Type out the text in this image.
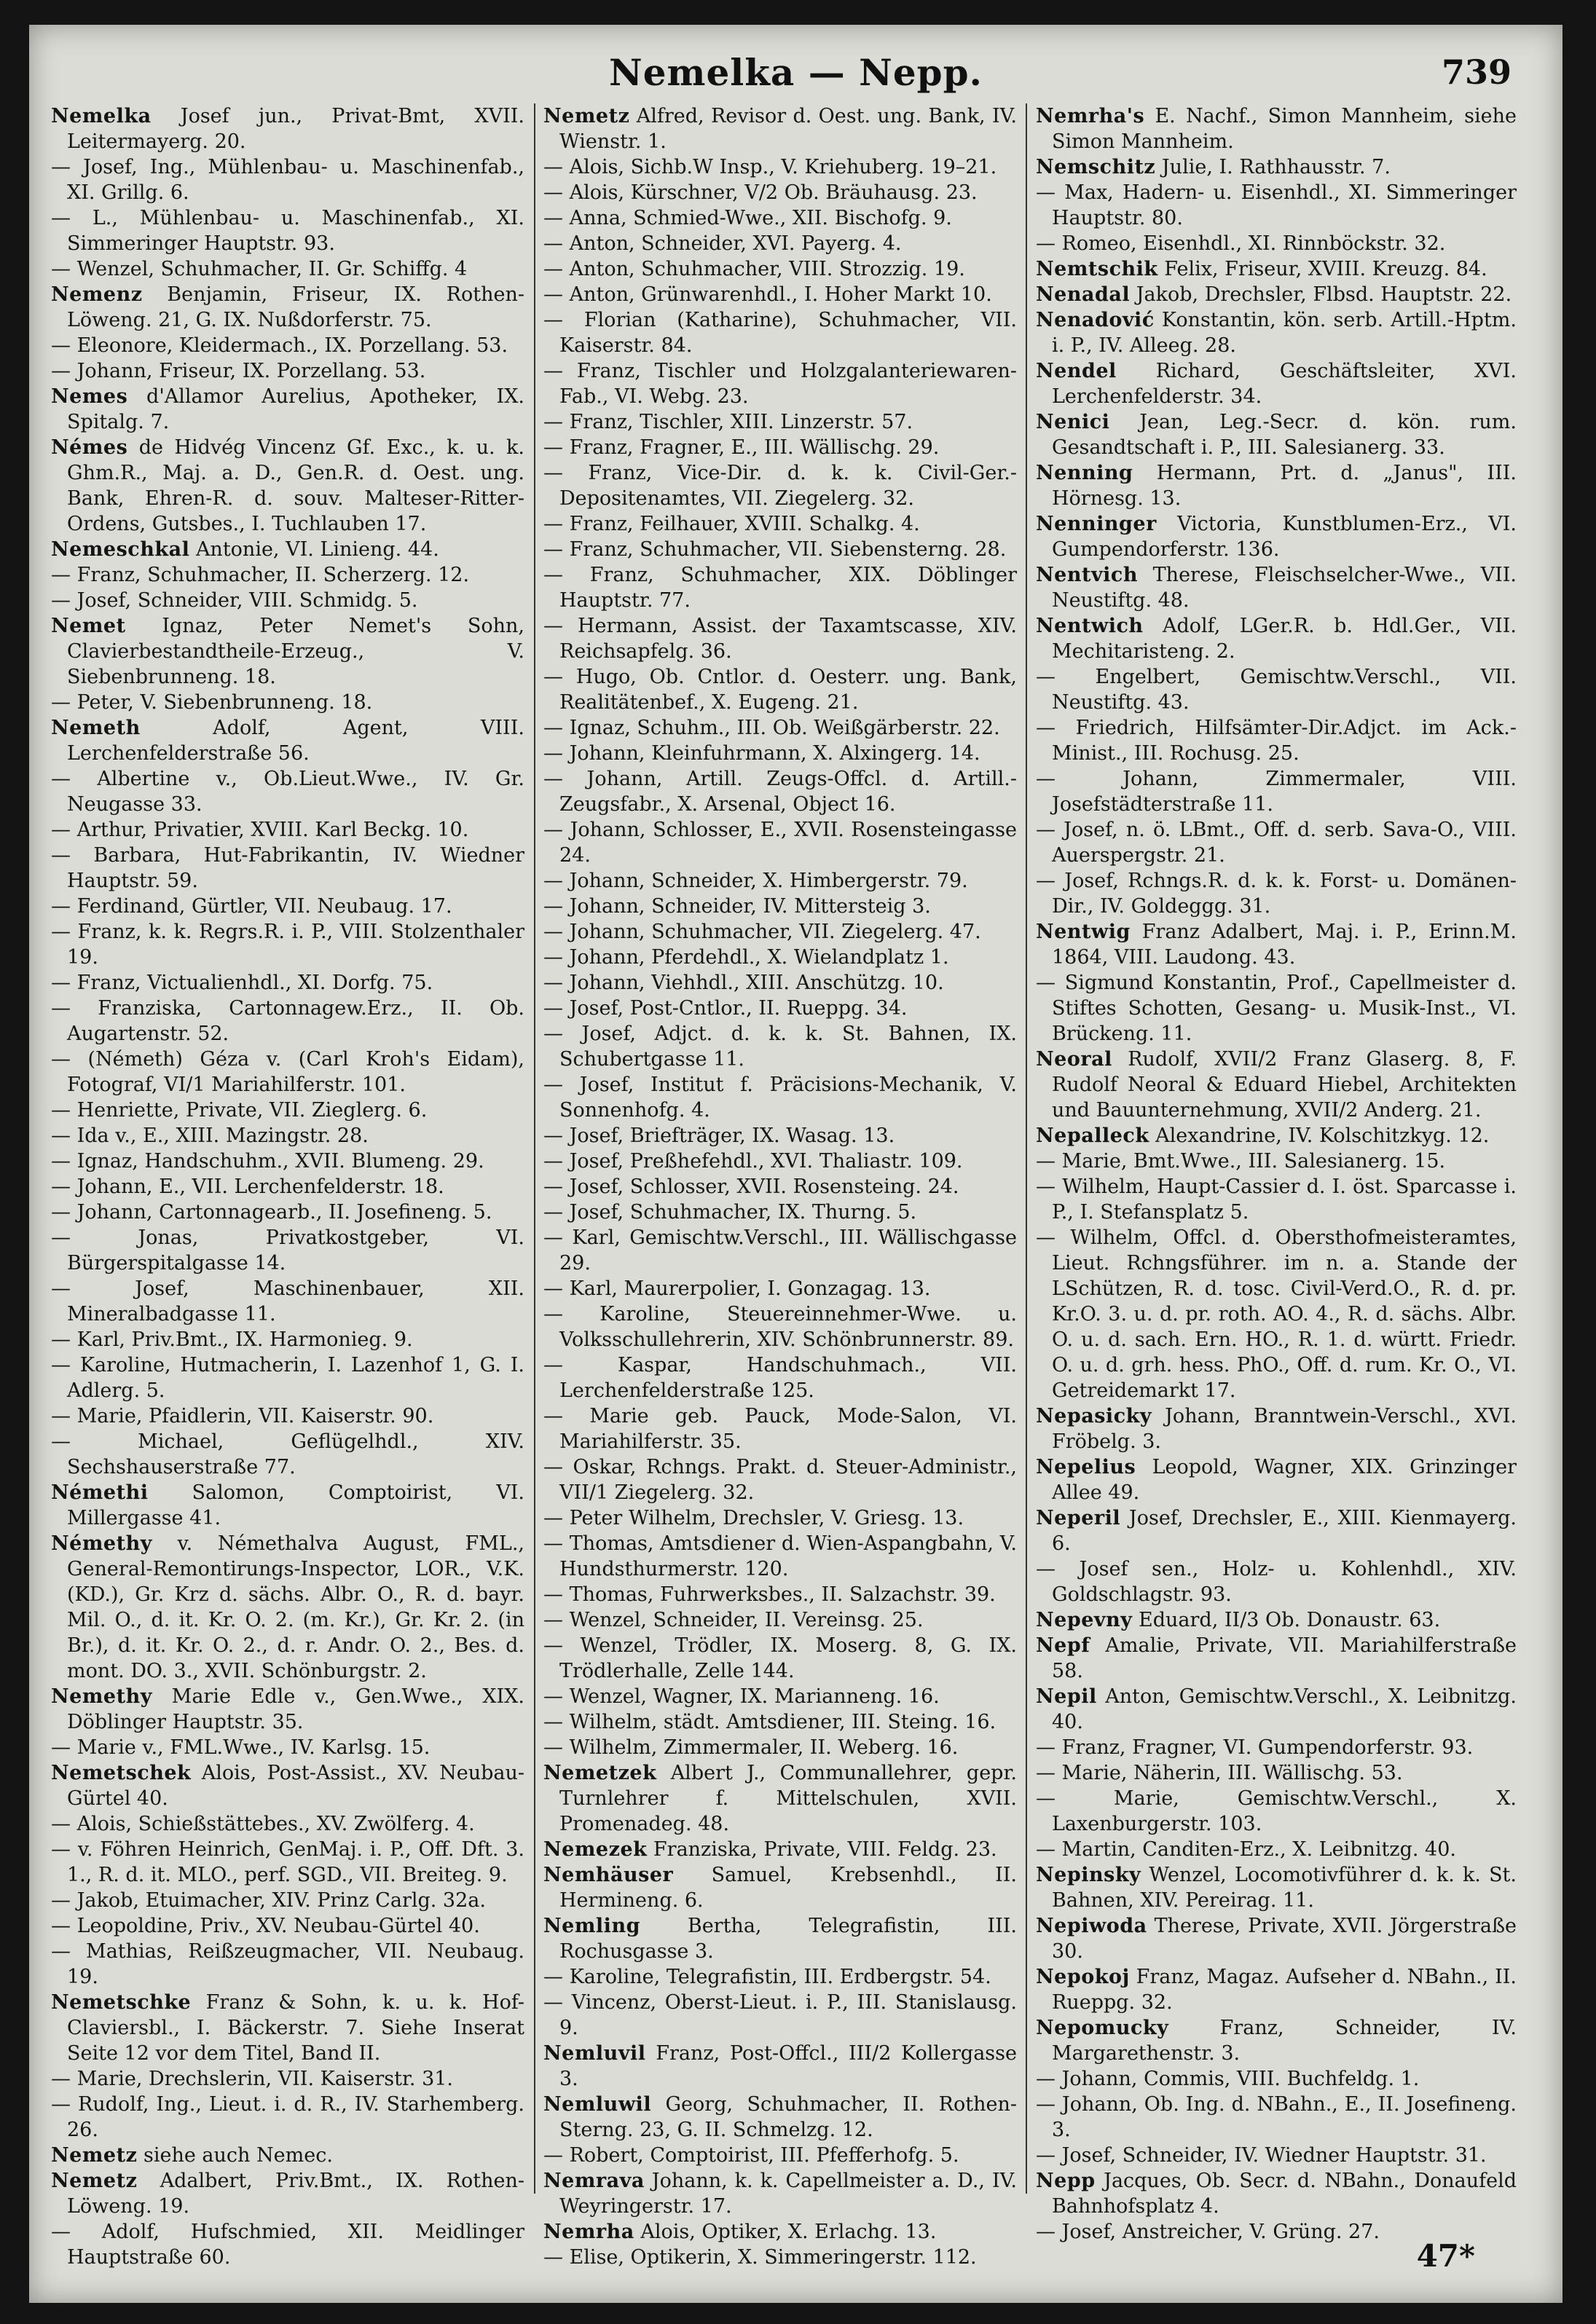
Nemelka — Nepp.	739

Nemelka Josef jun., Privat-Bmt, XVII. Leitermayerg. 20.

— Josef, Ing., Mühlenbau- u. Maschinenfab., XI. Grillg. 6.

— L., Mühlenbau- u. Maschinenfab., XI. Simmeringer Hauptstr. 93.

— Wenzel, Schuhmacher, II. Gr. Schiffg. 4

Nemenz Benjamin, Friseur, IX. Rothen-Löweng. 21, G. IX. Nußdorferstr. 75.

— Eleonore, Kleidermach., IX. Porzellang. 53.

— Johann, Friseur, IX. Porzellang. 53.

Nemes d'Allamor Aurelius, Apotheker, IX. Spitalg. 7.

Némes de Hidvég Vincenz Gf. Exc., k. u. k. Ghm.R., Maj. a. D., Gen.R. d. Oest. ung. Bank, Ehren-R. d. souv. Malteser-Ritter-Ordens, Gutsbes., I. Tuchlauben 17.

Nemeschkal Antonie, VI. Linieng. 44.

— Franz, Schuhmacher, II. Scherzerg. 12.

— Josef, Schneider, VIII. Schmidg. 5.

Nemet Ignaz, Peter Nemet's Sohn, Clavierbestandtheile-Erzeug., V. Siebenbrunneng. 18.

— Peter, V. Siebenbrunneng. 18.

Nemeth	Adolf, Agent, VIII. Lerchenfelderstraße 56.

— Albertine v., Ob.Lieut.Wwe., IV. Gr. Neugasse 33.

— Arthur, Privatier, XVIII. Karl Beckg. 10.

— Barbara, Hut-Fabrikantin, IV. Wiedner Hauptstr. 59.

— Ferdinand, Gürtler, VII. Neubaug. 17.

— Franz, k. k. Regrs.R. i. P., VIII. Stolzenthaler 19.

— Franz, Victualienhdl., XI. Dorfg. 75.

— Franziska, Cartonnagew.Erz., II. Ob. Augartenstr. 52.

— (Németh) Géza v. (Carl Kroh's Eidam), Fotograf, VI/1 Mariahilferstr. 101.

— Henriette, Private, VII. Zieglerg. 6.

— Ida v., E., XIII. Mazingstr. 28.

— Ignaz, Handschuhm., XVII. Blumeng. 29.

— Johann, E., VII. Lerchenfelderstr. 18.

— Johann, Cartonnagearb., II. Josefineng. 5.

— Jonas, Privatkostgeber, VI. Bürgerspitalgasse 14.

— Josef, Maschinenbauer, XII. Mineralbadgasse 11.

— Karl, Priv.Bmt., IX. Harmonieg. 9.

— Karoline, Hutmacherin, I. Lazenhof 1, G. I. Adlerg. 5.

— Marie, Pfaidlerin, VII. Kaiserstr. 90.

— Michael, Geflügelhdl., XIV. Sechshauserstraße 77.

Némethi Salomon, Comptoirist, VI. Millergasse 41.

Némethy v. Némethalva August, FML., General-Remontirungs-Inspector, LOR., V.K.(KD.), Gr. Krz d. sächs. Albr. O., R. d. bayr. Mil. O., d. it. Kr. O. 2. (m. Kr.), Gr. Kr. 2. (in Br.), d. it. Kr. O. 2., d. r. Andr. O. 2., Bes. d. mont. DO. 3., XVII. Schönburgstr. 2.

Nemethy Marie Edle v., Gen.Wwe., XIX. Döblinger Hauptstr. 35.

— Marie v., FML.Wwe., IV. Karlsg. 15.

Nemetschek Alois, Post-Assist., XV. Neubau-Gürtel 40.

— Alois, Schießstättebes., XV. Zwölferg. 4.

— v. Föhren Heinrich, GenMaj. i. P., Off. Dft. 3. 1., R. d. it. MLO., perf. SGD., VII. Breiteg. 9.

— Jakob, Etuimacher, XIV. Prinz Carlg. 32a.

— Leopoldine, Priv., XV. Neubau-Gürtel 40.

— Mathias, Reißzeugmacher, VII. Neubaug. 19.

Nemetschke Franz & Sohn, k. u. k. Hof-Claviersbl., I. Bäckerstr. 7. Siehe Inserat Seite 12 vor dem Titel, Band II.

— Marie, Drechslerin, VII. Kaiserstr. 31.

— Rudolf, Ing., Lieut. i. d. R., IV. Starhemberg. 26.

Nemetz siehe auch Nemec.

Nemetz Adalbert, Priv.Bmt., IX. Rothen-Löweng. 19.

— Adolf, Hufschmied, XII. Meidlinger Hauptstraße 60.

Nemetz Alfred, Revisor d. Oest. ung. Bank, IV. Wienstr. 1.

— Alois, Sichb.W Insp., V. Kriehuberg. 19–21.

— Alois, Kürschner, V/2 Ob. Bräuhausg. 23.

— Anna, Schmied-Wwe., XII. Bischofg. 9.

— Anton, Schneider, XVI. Payerg. 4.

— Anton, Schuhmacher, VIII. Strozzig. 19.

— Anton, Grünwarenhdl., I. Hoher Markt 10.

— Florian (Katharine), Schuhmacher, VII. Kaiserstr. 84.

— Franz, Tischler und Holzgalanteriewaren-Fab., VI. Webg. 23.

— Franz, Tischler, XIII. Linzerstr. 57.

— Franz, Fragner, E., III. Wällischg. 29.

— Franz, Vice-Dir. d. k. k. Civil-Ger.-Depositenamtes, VII. Ziegelerg. 32.

— Franz, Feilhauer, XVIII. Schalkg. 4.

— Franz, Schuhmacher, VII. Siebensterng. 28.

— Franz, Schuhmacher, XIX. Döblinger Hauptstr. 77.

— Hermann, Assist. der Taxamtscasse, XIV. Reichsapfelg. 36.

— Hugo, Ob. Cntlor. d. Oesterr. ung. Bank, Realitätenbef., X. Eugeng. 21.

— Ignaz, Schuhm., III. Ob. Weißgärberstr. 22.

— Johann, Kleinfuhrmann, X. Alxingerg. 14.

— Johann, Artill. Zeugs-Offcl. d. Artill.-Zeugsfabr., X. Arsenal, Object 16.

— Johann, Schlosser, E., XVII. Rosensteingasse 24.

— Johann, Schneider, X. Himbergerstr. 79.

— Johann, Schneider, IV. Mittersteig 3.

— Johann, Schuhmacher, VII. Ziegelerg. 47.

— Johann, Pferdehdl., X. Wielandplatz 1.

— Johann, Viehhdl., XIII. Anschützg. 10.

— Josef, Post-Cntlor., II. Rueppg. 34.

— Josef, Adjct. d. k. k. St. Bahnen, IX. Schubertgasse 11.

— Josef, Institut f. Präcisions-Mechanik, V. Sonnenhofg. 4.

— Josef, Briefträger, IX. Wasag. 13.

— Josef, Preßhefehdl., XVI. Thaliastr. 109.

— Josef, Schlosser, XVII. Rosensteing. 24.

— Josef, Schuhmacher, IX. Thurng. 5.

— Karl, Gemischtw.Verschl., III. Wällischgasse 29.

— Karl, Maurerpolier, I. Gonzagag. 13.

— Karoline, Steuereinnehmer-Wwe. u. Volksschullehrerin, XIV. Schönbrunnerstr. 89.

— Kaspar, Handschuhmach., VII. Lerchenfelderstraße 125.

— Marie geb. Pauck, Mode-Salon, VI. Mariahilferstr. 35.

— Oskar, Rchngs. Prakt. d. Steuer-Administr., VII/1 Ziegelerg. 32.

— Peter Wilhelm, Drechsler, V. Griesg. 13.

— Thomas, Amtsdiener d. Wien-Aspangbahn, V. Hundsthurmerstr. 120.

— Thomas, Fuhrwerksbes., II. Salzachstr. 39.

— Wenzel, Schneider, II. Vereinsg. 25.

— Wenzel, Trödler, IX. Moserg. 8, G. IX. Trödlerhalle, Zelle 144.

— Wenzel, Wagner, IX. Marianneng. 16.

— Wilhelm, städt. Amtsdiener, III. Steing. 16.

— Wilhelm, Zimmermaler, II. Weberg. 16.

Nemetzek Albert J., Communallehrer, gepr. Turnlehrer f. Mittelschulen, XVII. Promenadeg. 48.

Nemezek Franziska, Private, VIII. Feldg. 23.

Nemhäuser Samuel, Krebsenhdl., II. Hermineng. 6.

Nemling Bertha, Telegrafistin, III. Rochusgasse 3.

— Karoline, Telegrafistin, III. Erdbergstr. 54.

— Vincenz, Oberst-Lieut. i. P., III. Stanislausg. 9.

Nemluvil Franz, Post-Offcl., III/2 Kollergasse 3.

Nemluwil Georg, Schuhmacher, II. Rothen-Sterng. 23, G. II. Schmelzg. 12.

— Robert, Comptoirist, III. Pfefferhofg. 5.

Nemrava Johann, k. k. Capellmeister a. D., IV. Weyringerstr. 17.

Nemrha Alois, Optiker, X. Erlachg. 13.

— Elise, Optikerin, X. Simmeringerstr. 112.

Nemrha's E. Nachf., Simon Mannheim, siehe Simon Mannheim.

Nemschitz Julie, I. Rathhausstr. 7.

— Max, Hadern- u. Eisenhdl., XI. Simmeringer Hauptstr. 80.

— Romeo, Eisenhdl., XI. Rinnböckstr. 32.

Nemtschik Felix, Friseur, XVIII. Kreuzg. 84.

Nenadal Jakob, Drechsler, Flbsd. Hauptstr. 22.

Nenadović Konstantin, kön. serb. Artill.-Hptm. i. P., IV. Alleeg. 28.

Nendel Richard, Geschäftsleiter, XVI. Lerchenfelderstr. 34.

Nenici Jean, Leg.-Secr. d. kön. rum. Gesandtschaft i. P., III. Salesianerg. 33.

Nenning Hermann, Prt. d. „Janus", III. Hörnesg. 13.

Nenninger Victoria, Kunstblumen-Erz., VI. Gumpendorferstr. 136.

Nentvich Therese, Fleischselcher-Wwe., VII. Neustiftg. 48.

Nentwich Adolf, LGer.R. b. Hdl.Ger., VII. Mechitaristeng. 2.

— Engelbert, Gemischtw.Verschl., VII. Neustiftg. 43.

— Friedrich, Hilfsämter-Dir.Adjct. im Ack.-Minist., III. Rochusg. 25.

— Johann, Zimmermaler, VIII. Josefstädterstraße 11.

— Josef, n. ö. LBmt., Off. d. serb. Sava-O., VIII. Auerspergstr. 21.

— Josef, Rchngs.R. d. k. k. Forst- u. Domänen-Dir., IV. Goldeggg. 31.

Nentwig Franz Adalbert, Maj. i. P., Erinn.M. 1864, VIII. Laudong. 43.

— Sigmund Konstantin, Prof., Capellmeister d. Stiftes Schotten, Gesang- u. Musik-Inst., VI. Brückeng. 11.

Neoral Rudolf, XVII/2 Franz Glaserg. 8, F. Rudolf Neoral & Eduard Hiebel, Architekten und Bauunternehmung, XVII/2 Anderg. 21.

Nepalleck Alexandrine, IV. Kolschitzkyg. 12.

— Marie, Bmt.Wwe., III. Salesianerg. 15.

— Wilhelm, Haupt-Cassier d. I. öst. Sparcasse i. P., I. Stefansplatz 5.

— Wilhelm, Offcl. d. Obersthofmeisteramtes, Lieut. Rchngsführer. im n. a. Stande der LSchützen, R. d. tosc. Civil-Verd.O., R. d. pr. Kr.O. 3. u. d. pr. roth. AO. 4., R. d. sächs. Albr. O. u. d. sach. Ern. HO., R. 1. d. württ. Friedr. O. u. d. grh. hess. PhO., Off. d. rum. Kr. O., VI. Getreidemarkt 17.

Nepasicky Johann, Branntwein-Verschl., XVI. Fröbelg. 3.

Nepelius Leopold, Wagner, XIX. Grinzinger Allee 49.

Neperil Josef, Drechsler, E., XIII. Kienmayerg. 6.

— Josef sen., Holz- u. Kohlenhdl., XIV. Goldschlagstr. 93.

Nepevny Eduard, II/3 Ob. Donaustr. 63.

Nepf Amalie, Private, VII. Mariahilferstraße 58.

Nepil Anton, Gemischtw.Verschl., X. Leibnitzg. 40.

— Franz, Fragner, VI. Gumpendorferstr. 93.

— Marie, Näherin, III. Wällischg. 53.

— Marie, Gemischtw.Verschl., X. Laxenburgerstr. 103.

— Martin, Canditen-Erz., X. Leibnitzg. 40.

Nepinsky Wenzel, Locomotivführer d. k. k. St. Bahnen, XIV. Pereirag. 11.

Nepiwoda Therese, Private, XVII. Jörgerstraße 30.

Nepokoj Franz, Magaz. Aufseher d. NBahn., II. Rueppg. 32.

Nepomucky	Franz, Schneider, IV. Margarethenstr. 3.

— Johann, Commis, VIII. Buchfeldg. 1.

— Johann, Ob. Ing. d. NBahn., E., II. Josefineng. 3.

— Josef, Schneider, IV. Wiedner Hauptstr. 31.

Nepp Jacques, Ob. Secr. d. NBahn., Donaufeld Bahnhofsplatz 4.

— Josef, Anstreicher, V. Grüng. 27.

47*
